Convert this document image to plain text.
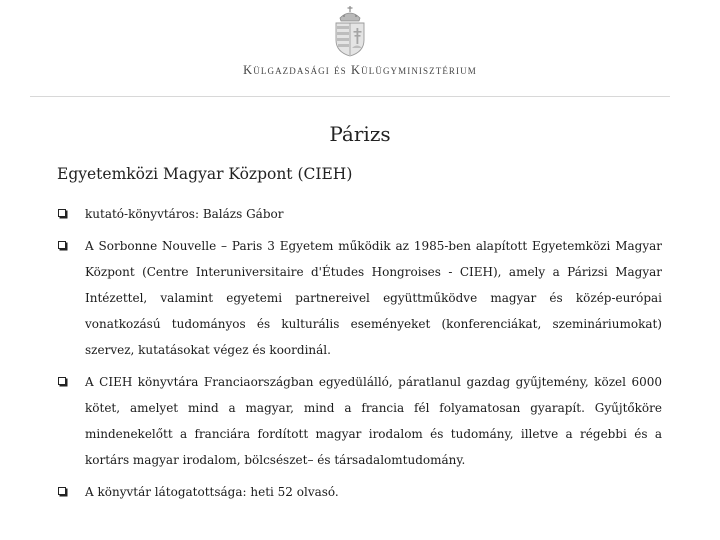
Külgazdasági és Külügyminisztérium
Párizs
Egyetemközi Magyar Központ (CIEH)
kutató-könyvtáros: Balázs Gábor
A Sorbonne Nouvelle – Paris 3 Egyetem működik az 1985-ben alapított Egyetemközi Magyar Központ (Centre Interuniversitaire d'Études Hongroises - CIEH), amely a Párizsi Magyar Intézettel, valamint egyetemi partnereivel együttműködve magyar és közép-európai vonatkozású tudományos és kulturális eseményeket (konferenciákat, szemináriumokat) szervez, kutatásokat végez és koordinál.
A CIEH könyvtára Franciaországban egyedülálló, páratlanul gazdag gyűjtemény, közel 6000 kötet, amelyet mind a magyar, mind a francia fél folyamatosan gyarapít. Gyűjtőköre mindenekelőtt a franciára fordított magyar irodalom és tudomány, illetve a régebbi és a kortárs magyar irodalom, bölcsészet– és társadalomtudomány.
A könyvtár látogatottsága: heti 52 olvasó.
